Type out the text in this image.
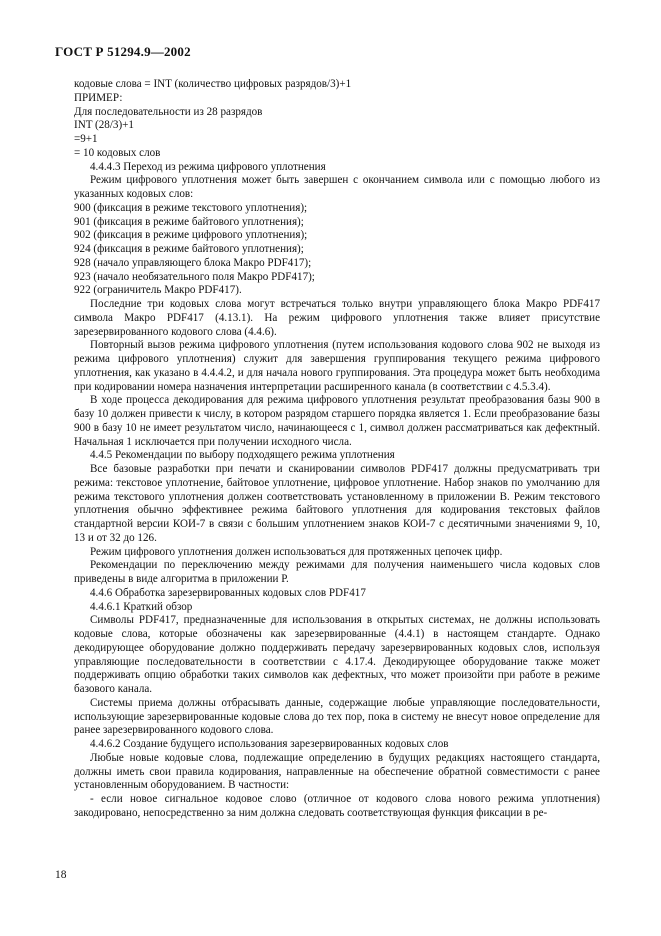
ГОСТ Р 51294.9—2002

кодовые слова = INT (количество цифровых разрядов/3)+1

ПРИМЕР:

Для последовательности из 28 разрядов

INT (28/3)+1

=9+1

= 10 кодовых слов

4.4.4.3 Переход из режима цифрового уплотнения

Режим цифрового уплотнения может быть завершен с окончанием символа или с помощью любого из указанных кодовых слов:

900 (фиксация в режиме текстового уплотнения);

901 (фиксация в режиме байтового уплотнения);

902 (фиксация в режиме цифрового уплотнения);

924 (фиксация в режиме байтового уплотнения);

928 (начало управляющего блока Макро PDF417);

923 (начало необязательного поля Макро PDF417);

922 (ограничитель Макро PDF417).

Последние три кодовых слова могут встречаться только внутри управляющего блока Макро PDF417 символа Макро PDF417 (4.13.1). На режим цифрового уплотнения также влияет присутствие зарезервированного кодового слова (4.4.6).

Повторный вызов режима цифрового уплотнения (путем использования кодового слова 902 не выходя из режима цифрового уплотнения) служит для завершения группирования текущего режима цифрового уплотнения, как указано в 4.4.4.2, и для начала нового группирования. Эта процедура может быть необходима при кодировании номера назначения интерпретации расширенного канала (в соответствии с 4.5.3.4).

В ходе процесса декодирования для режима цифрового уплотнения результат преобразования базы 900 в базу 10 должен привести к числу, в котором разрядом старшего порядка является 1. Если преобразование базы 900 в базу 10 не имеет результатом число, начинающееся с 1, символ должен рассматриваться как дефектный. Начальная 1 исключается при получении исходного числа.

4.4.5 Рекомендации по выбору подходящего режима уплотнения

Все базовые разработки при печати и сканировании символов PDF417 должны предусматривать три режима: текстовое уплотнение, байтовое уплотнение, цифровое уплотнение. Набор знаков по умолчанию для режима текстового уплотнения должен соответствовать установленному в приложении В. Режим текстового уплотнения обычно эффективнее режима байтового уплотнения для кодирования текстовых файлов стандартной версии КОИ-7 в связи с большим уплотнением знаков КОИ-7 с десятичными значениями 9, 10, 13 и от 32 до 126.

Режим цифрового уплотнения должен использоваться для протяженных цепочек цифр.

Рекомендации по переключению между режимами для получения наименьшего числа кодовых слов приведены в виде алгоритма в приложении Р.

4.4.6 Обработка зарезервированных кодовых слов PDF417

4.4.6.1 Краткий обзор

Символы PDF417, предназначенные для использования в открытых системах, не должны использовать кодовые слова, которые обозначены как зарезервированные (4.4.1) в настоящем стандарте. Однако декодирующее оборудование должно поддерживать передачу зарезервированных кодовых слов, используя управляющие последовательности в соответствии с 4.17.4. Декодирующее оборудование также может поддерживать опцию обработки таких символов как дефектных, что может произойти при работе в режиме базового канала.

Системы приема должны отбрасывать данные, содержащие любые управляющие последовательности, использующие зарезервированные кодовые слова до тех пор, пока в систему не внесут новое определение для ранее зарезервированного кодового слова.

4.4.6.2 Создание будущего использования зарезервированных кодовых слов

Любые новые кодовые слова, подлежащие определению в будущих редакциях настоящего стандарта, должны иметь свои правила кодирования, направленные на обеспечение обратной совместимости с ранее установленным оборудованием. В частности:

- если новое сигнальное кодовое слово (отличное от кодового слова нового режима уплотнения) закодировано, непосредственно за ним должна следовать соответствующая функция фиксации в ре-

18
